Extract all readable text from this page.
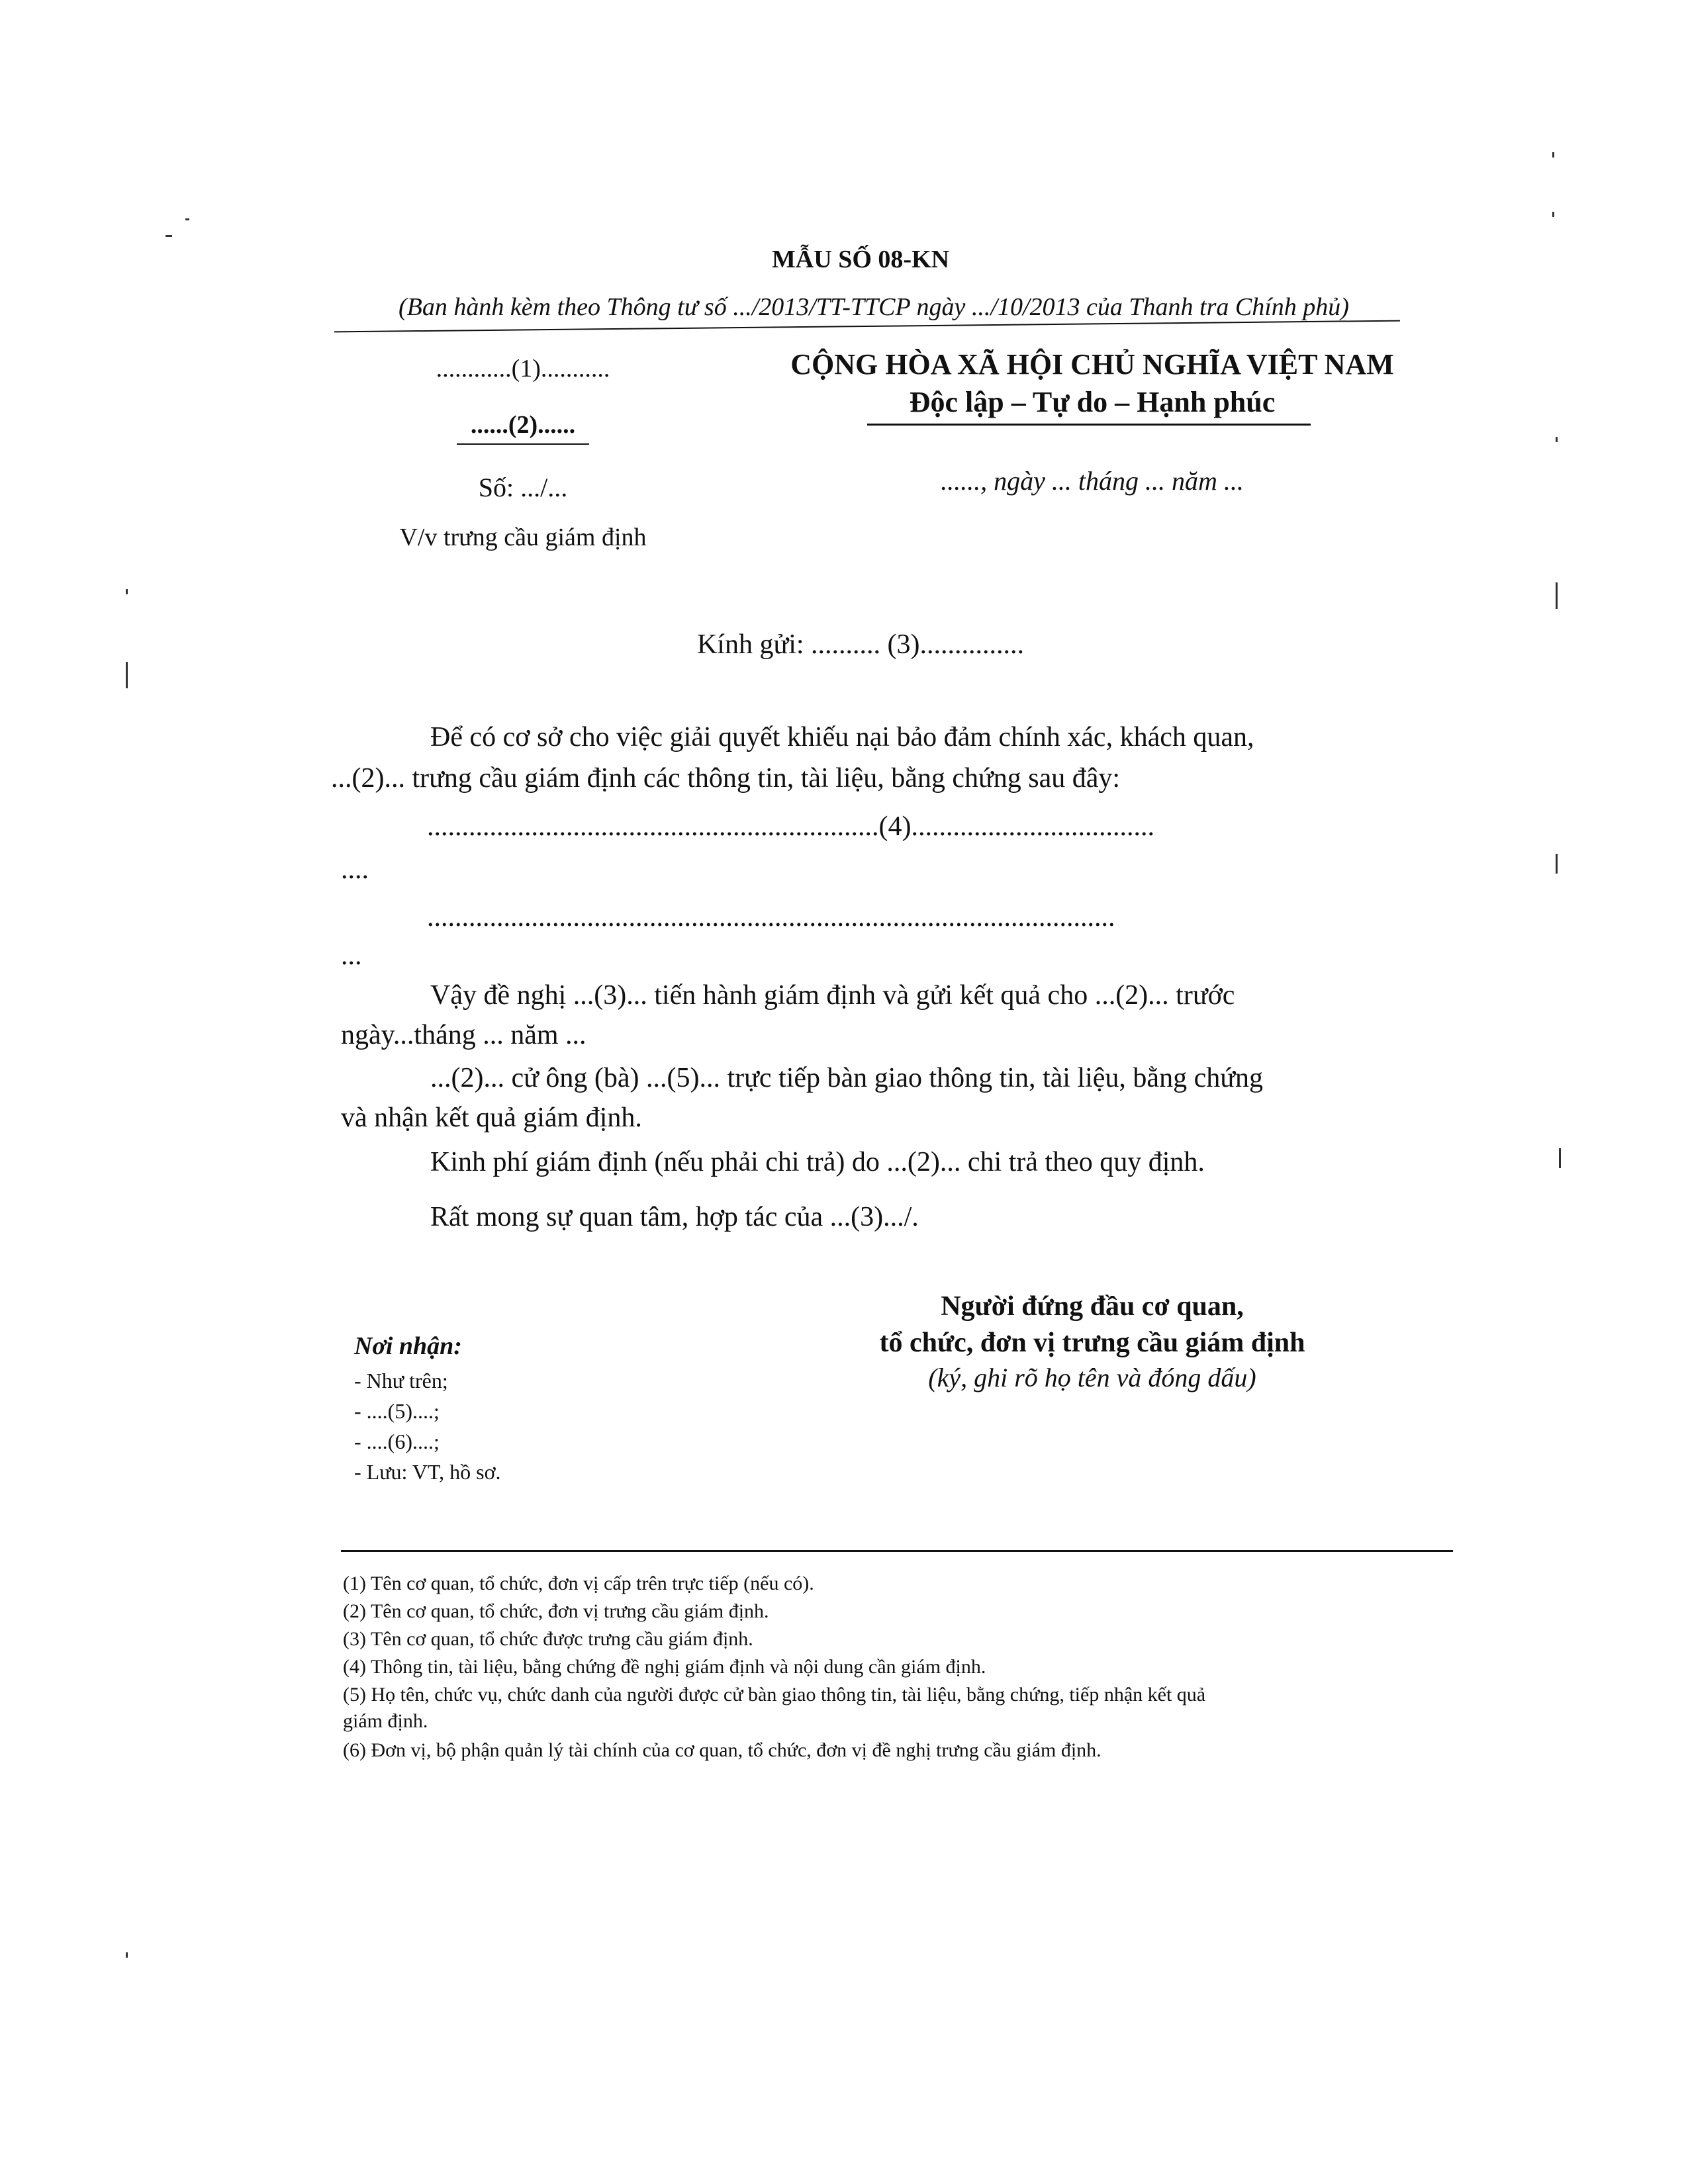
MẪU SỐ 08-KN
(Ban hành kèm theo Thông tư số .../2013/TT-TTCP ngày .../10/2013 của Thanh tra Chính phủ)
............(1)...........
......(2)......
Số: .../...
V/v trưng cầu giám định
CỘNG HÒA XÃ HỘI CHỦ NGHĨA VIỆT NAM
Độc lập – Tự do – Hạnh phúc
......, ngày ... tháng ... năm ...
Kính gửi: .......... (3)...............
Để có cơ sở cho việc giải quyết khiếu nại bảo đảm chính xác, khách quan,
...(2)... trưng cầu giám định các thông tin, tài liệu, bằng chứng sau đây:
.................................................................(4)...................................
....
...................................................................................................
...
Vậy đề nghị ...(3)... tiến hành giám định và gửi kết quả cho ...(2)... trước
ngày...tháng ... năm ...
...(2)... cử ông (bà) ...(5)... trực tiếp bàn giao thông tin, tài liệu, bằng chứng
và nhận kết quả giám định.
Kinh phí giám định (nếu phải chi trả) do ...(2)... chi trả theo quy định.
Rất mong sự quan tâm, hợp tác của ...(3).../.
Người đứng đầu cơ quan,
tổ chức, đơn vị trưng cầu giám định
(ký, ghi rõ họ tên và đóng dấu)
Nơi nhận:
- Như trên;
- ....(5)....;
- ....(6)....;
- Lưu: VT, hồ sơ.
(1) Tên cơ quan, tổ chức, đơn vị cấp trên trực tiếp (nếu có).
(2) Tên cơ quan, tổ chức, đơn vị trưng cầu giám định.
(3) Tên cơ quan, tổ chức được trưng cầu giám định.
(4) Thông tin, tài liệu, bằng chứng đề nghị giám định và nội dung cần giám định.
(5) Họ tên, chức vụ, chức danh của người được cử bàn giao thông tin, tài liệu, bằng chứng, tiếp nhận kết quả
giám định.
(6) Đơn vị, bộ phận quản lý tài chính của cơ quan, tổ chức, đơn vị đề nghị trưng cầu giám định.
